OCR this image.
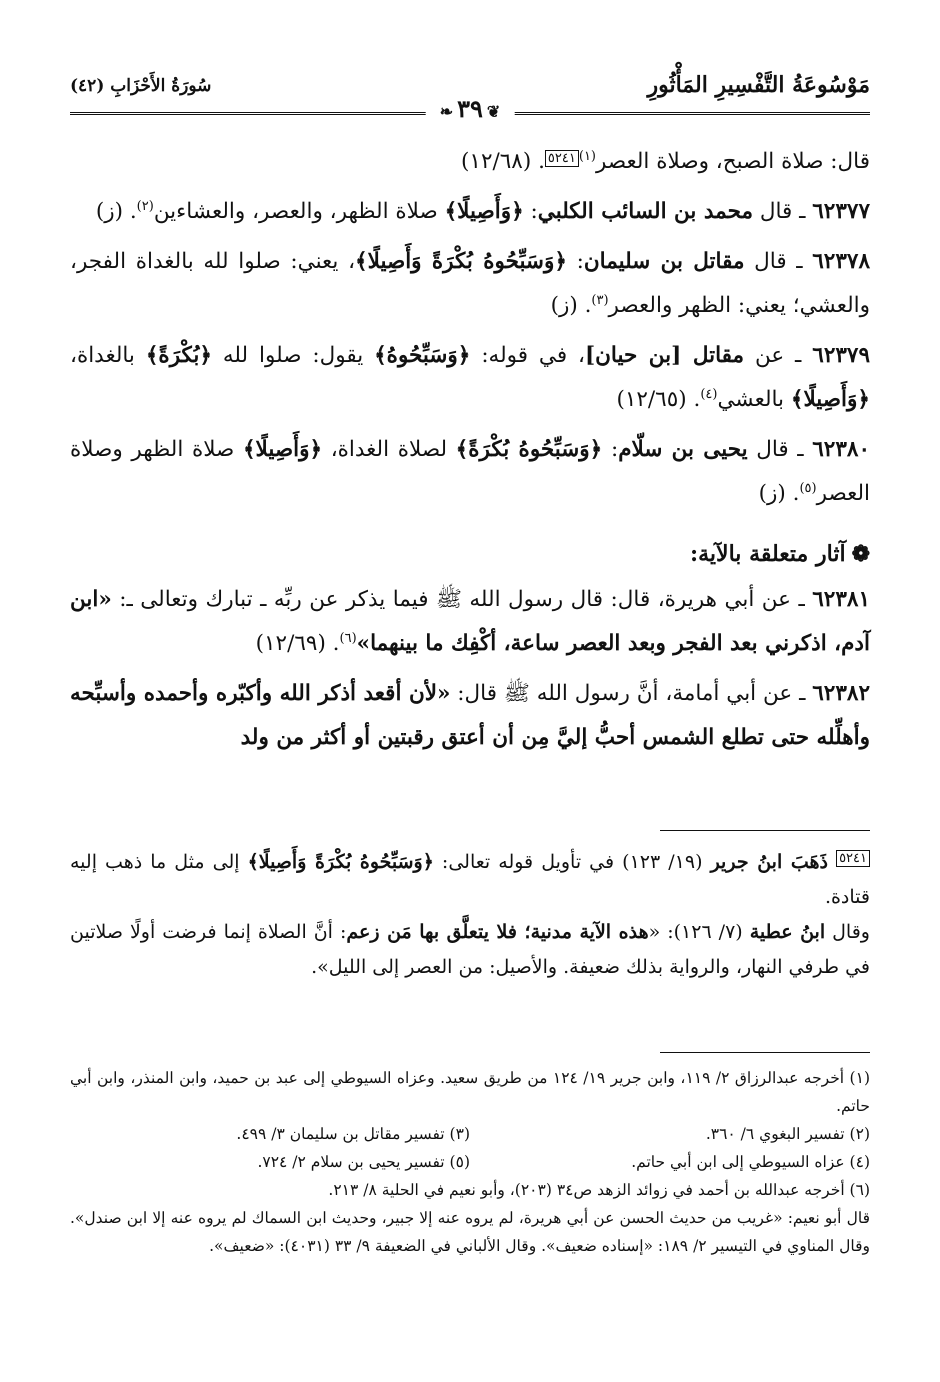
مَوْسُوعَةُ التَّفْسِيرِ المَأْثُورِ
سُورَةُ الأَحْزَابِ (٤٢)
❦٣٩❧

قال: صلاة الصبح، وصلاة العصر$^{(١)}$٥٢٤١. (١٢/٦٨)

٦٢٣٧٧ ـ قال محمد بن السائب الكلبي: ﴿وَأَصِيلًا﴾ صلاة الظهر، والعصر، والعشاءين$^{(٢)}$. (ز)

٦٢٣٧٨ ـ قال مقاتل بن سليمان: ﴿وَسَبِّحُوهُ بُكْرَةً وَأَصِيلًا﴾، يعني: صلوا لله بالغداة الفجر، والعشي؛ يعني: الظهر والعصر$^{(٣)}$. (ز)

٦٢٣٧٩ ـ عن مقاتل [بن حيان]، في قوله: ﴿وَسَبِّحُوهُ﴾ يقول: صلوا لله ﴿بُكْرَةً﴾ بالغداة، ﴿وَأَصِيلًا﴾ بالعشي$^{(٤)}$. (١٢/٦٥)

٦٢٣٨٠ ـ قال يحيى بن سلّام: ﴿وَسَبِّحُوهُ بُكْرَةً﴾ لصلاة الغداة، ﴿وَأَصِيلًا﴾ صلاة الظهر وصلاة العصر$^{(٥)}$. (ز)

❁آثار متعلقة بالآية:

٦٢٣٨١ ـ عن أبي هريرة، قال: قال رسول الله ﷺ فيما يذكر عن ربِّه ـ تبارك وتعالى ـ: «ابن آدم، اذكرني بعد الفجر وبعد العصر ساعة، أكْفِك ما بينهما»$^{(٦)}$. (١٢/٦٩)

٦٢٣٨٢ ـ عن أبي أمامة، أنَّ رسول الله ﷺ قال: «لأن أقعد أذكر الله وأكبّره وأحمده وأسبِّحه وأهلِّله حتى تطلع الشمس أحبُّ إليَّ مِن أن أعتق رقبتين أو أكثر من ولد

٥٢٤١ ذَهَبَ ابنُ جرير (١٩/ ١٢٣) في تأويل قوله تعالى: ﴿وَسَبِّحُوهُ بُكْرَةً وَأَصِيلًا﴾ إلى مثل ما ذهب إليه قتادة.

وقال ابنُ عطية (٧/ ١٢٦): «هذه الآية مدنية؛ فلا يتعلَّق بها مَن زعم: أنَّ الصلاة إنما فرضت أولًا صلاتين في طرفي النهار، والرواية بذلك ضعيفة. والأصيل: من العصر إلى الليل».

(١) أخرجه عبدالرزاق ٢/ ١١٩، وابن جرير ١٩/ ١٢٤ من طريق سعيد. وعزاه السيوطي إلى عبد بن حميد، وابن المنذر، وابن أبي حاتم.

(٢) تفسير البغوي ٦/ ٣٦٠.
(٣) تفسير مقاتل بن سليمان ٣/ ٤٩٩.
(٤) عزاه السيوطي إلى ابن أبي حاتم.
(٥) تفسير يحيى بن سلام ٢/ ٧٢٤.

(٦) أخرجه عبدالله بن أحمد في زوائد الزهد ص٣٤ (٢٠٣)، وأبو نعيم في الحلية ٨/ ٢١٣.

قال أبو نعيم: «غريب من حديث الحسن عن أبي هريرة، لم يروه عنه إلا جبير، وحديث ابن السماك لم يروه عنه إلا ابن صندل». وقال المناوي في التيسير ٢/ ١٨٩: «إسناده ضعيف». وقال الألباني في الضعيفة ٩/ ٣٣ (٤٠٣١): «ضعيف».
